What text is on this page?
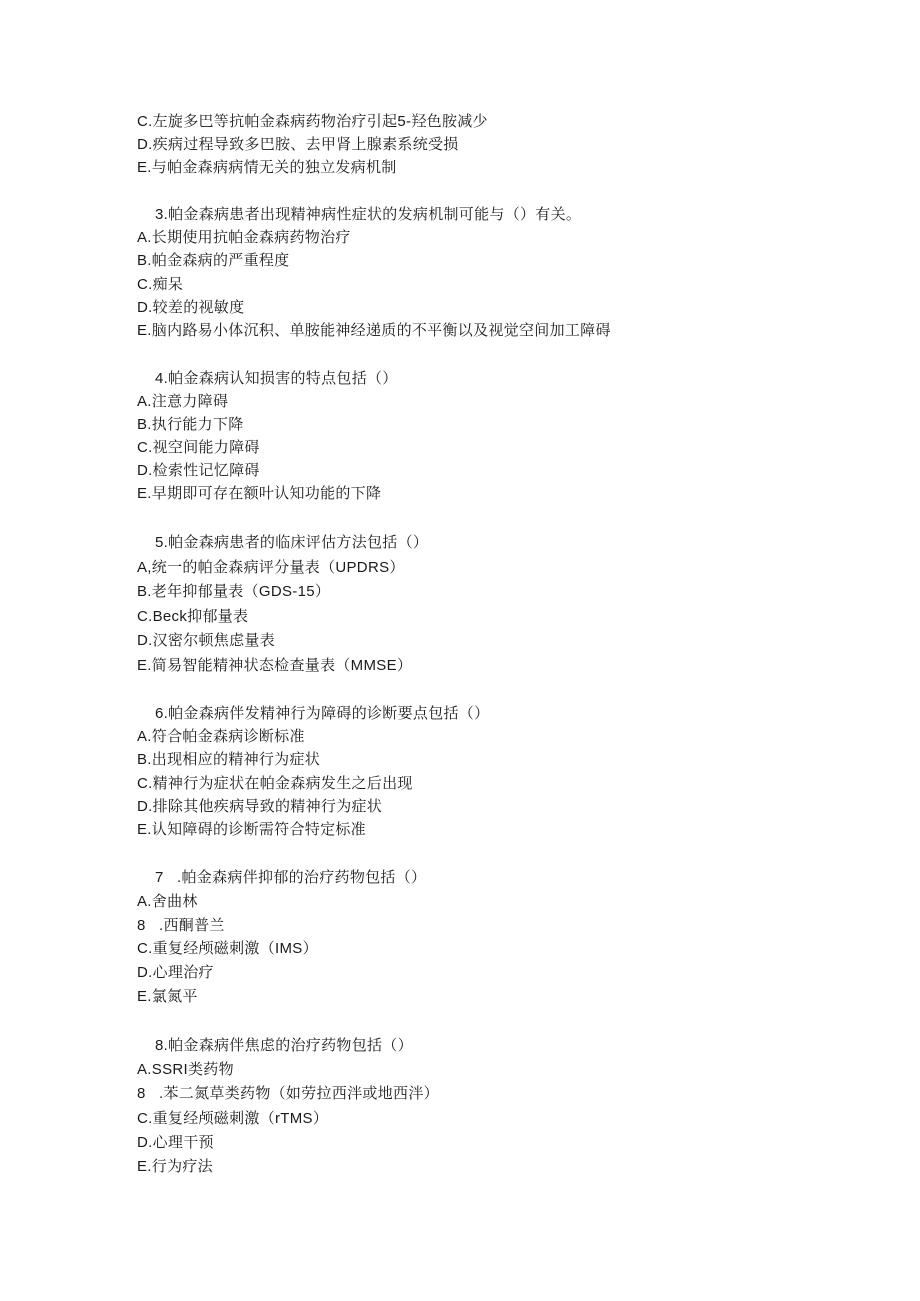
C.左旋多巴等抗帕金森病药物治疗引起5-羟色胺减少
D.疾病过程导致多巴胺、去甲肾上腺素系统受损
E.与帕金森病病情无关的独立发病机制
3.帕金森病患者出现精神病性症状的发病机制可能与（）有关。
A.长期使用抗帕金森病药物治疗
B.帕金森病的严重程度
C.痴呆
D.较差的视敏度
E.脑内路易小体沉积、单胺能神经递质的不平衡以及视觉空间加工障碍
4.帕金森病认知损害的特点包括（）
A.注意力障碍
B.执行能力下降
C.视空间能力障碍
D.检索性记忆障碍
E.早期即可存在额叶认知功能的下降
5.帕金森病患者的临床评估方法包括（）
A,统一的帕金森病评分量表（UPDRS）
B.老年抑郁量表（GDS-15）
C.Beck抑郁量表
D.汉密尔顿焦虑量表
E.简易智能精神状态检查量表（MMSE）
6.帕金森病伴发精神行为障碍的诊断要点包括（）
A.符合帕金森病诊断标准
B.出现相应的精神行为症状
C.精神行为症状在帕金森病发生之后出现
D.排除其他疾病导致的精神行为症状
E.认知障碍的诊断需符合特定标准
7   .帕金森病伴抑郁的治疗药物包括（）
A.舍曲林
8   .西酮普兰
C.重复经颅磁刺激（IMS）
D.心理治疗
E.氯氮平
8.帕金森病伴焦虑的治疗药物包括（）
A.SSRI类药物
8   .苯二氮草类药物（如劳拉西泮或地西泮）
C.重复经颅磁刺激（rTMS）
D.心理干预
E.行为疗法
